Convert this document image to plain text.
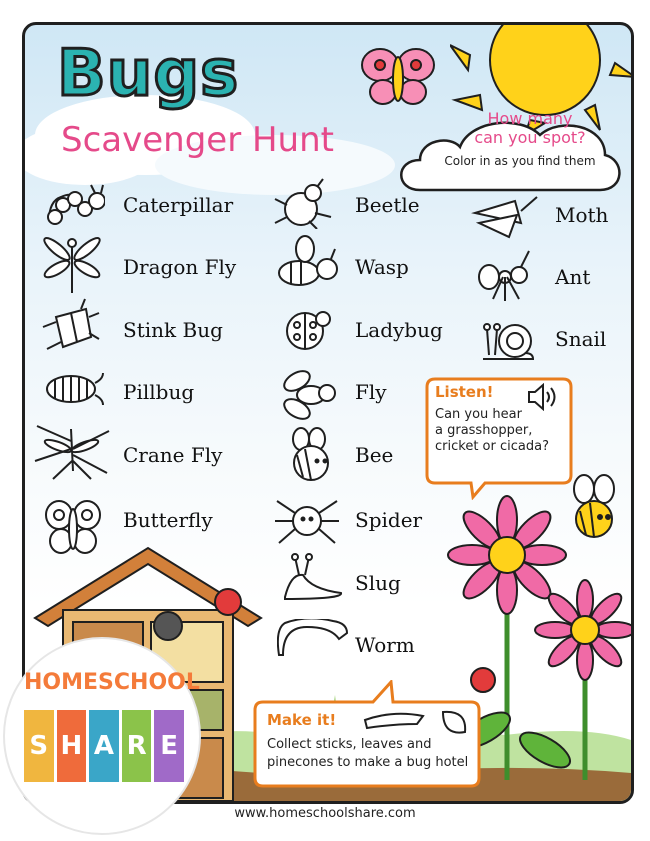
Bugs
Scavenger Hunt
How many
can you spot?
Color in as you find them
Caterpillar
Dragon Fly
Stink Bug
Pillbug
Crane Fly
Butterfly
Beetle
Wasp
Ladybug
Fly
Bee
Spider
Slug
Worm
Moth
Ant
Snail
Listen!
Can you hear
a grasshopper,
cricket or cicada?
Make it!
Collect sticks, leaves and
pinecones to make a bug hotel
HOMESCHOOL
S H A R E
www.homeschoolshare.com
